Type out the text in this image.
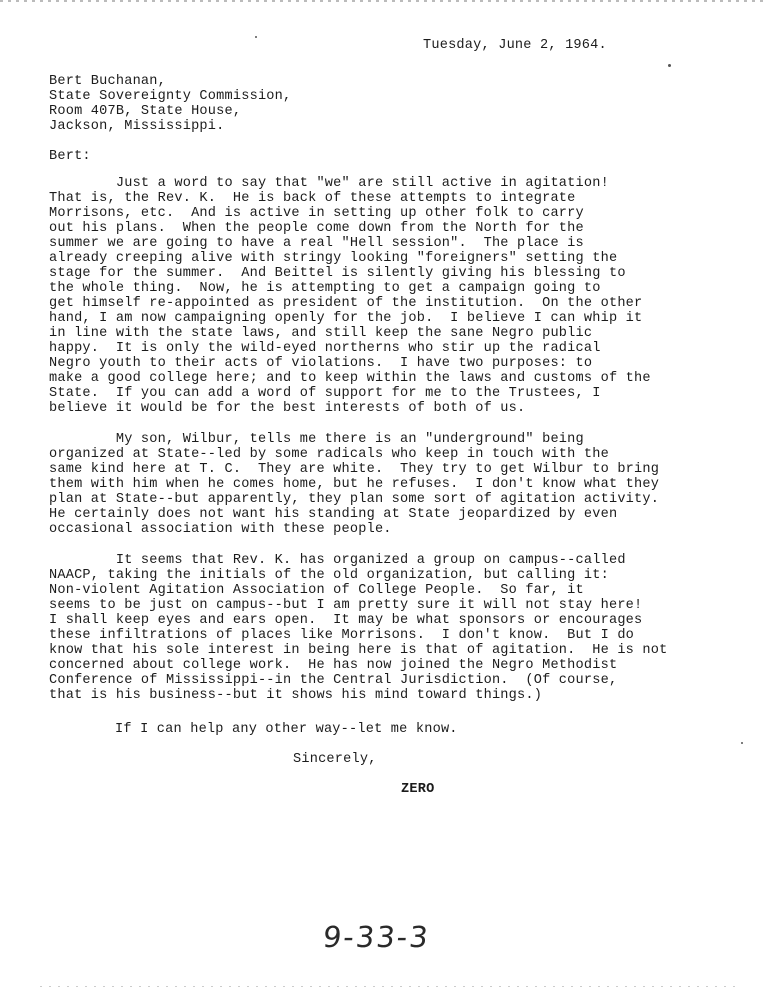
Tuesday, June 2, 1964.
Bert Buchanan,
State Sovereignty Commission,
Room 407B, State House,
Jackson, Mississippi.
Bert:
Just a word to say that "we" are still active in agitation!
That is, the Rev. K.  He is back of these attempts to integrate
Morrisons, etc.  And is active in setting up other folk to carry
out his plans.  When the people come down from the North for the
summer we are going to have a real "Hell session".  The place is
already creeping alive with stringy looking "foreigners" setting the
stage for the summer.  And Beittel is silently giving his blessing to
the whole thing.  Now, he is attempting to get a campaign going to
get himself re-appointed as president of the institution.  On the other
hand, I am now campaigning openly for the job.  I believe I can whip it
in line with the state laws, and still keep the sane Negro public
happy.  It is only the wild-eyed northerns who stir up the radical
Negro youth to their acts of violations.  I have two purposes: to
make a good college here; and to keep within the laws and customs of the
State.  If you can add a word of support for me to the Trustees, I
believe it would be for the best interests of both of us.
My son, Wilbur, tells me there is an "underground" being
organized at State--led by some radicals who keep in touch with the
same kind here at T. C.  They are white.  They try to get Wilbur to bring
them with him when he comes home, but he refuses.  I don't know what they
plan at State--but apparently, they plan some sort of agitation activity.
He certainly does not want his standing at State jeopardized by even
occasional association with these people.
It seems that Rev. K. has organized a group on campus--called
NAACP, taking the initials of the old organization, but calling it:
Non-violent Agitation Association of College People.  So far, it
seems to be just on campus--but I am pretty sure it will not stay here!
I shall keep eyes and ears open.  It may be what sponsors or encourages
these infiltrations of places like Morrisons.  I don't know.  But I do
know that his sole interest in being here is that of agitation.  He is not
concerned about college work.  He has now joined the Negro Methodist
Conference of Mississippi--in the Central Jurisdiction.  (Of course,
that is his business--but it shows his mind toward things.)
If I can help any other way--let me know.
Sincerely,
ZERO
9-33-3
